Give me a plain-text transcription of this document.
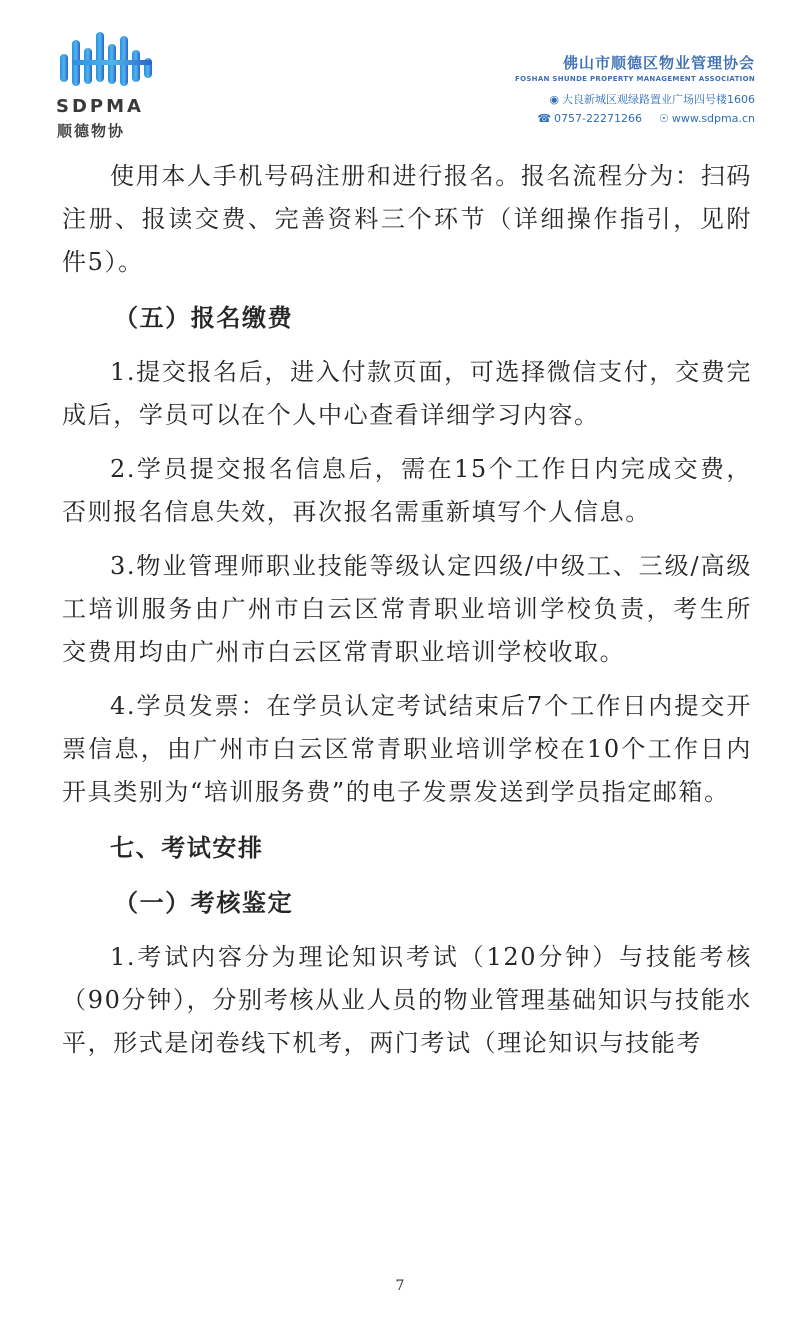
SDPMA
顺德物协
佛山市顺德区物业管理协会
FOSHAN SHUNDE PROPERTY MANAGEMENT ASSOCIATION
◉ 大良新城区观绿路置业广场四号楼1606
☎ 0757-22271266 ☉ www.sdpma.cn

使用本人手机号码注册和进行报名。报名流程分为：扫码注册、报读交费、完善资料三个环节（详细操作指引，见附件5）。

（五）报名缴费

1.提交报名后，进入付款页面，可选择微信支付，交费完成后，学员可以在个人中心查看详细学习内容。

2.学员提交报名信息后，需在15个工作日内完成交费，否则报名信息失效，再次报名需重新填写个人信息。

3.物业管理师职业技能等级认定四级/中级工、三级/高级工培训服务由广州市白云区常青职业培训学校负责，考生所交费用均由广州市白云区常青职业培训学校收取。

4.学员发票：在学员认定考试结束后7个工作日内提交开票信息，由广州市白云区常青职业培训学校在10个工作日内开具类别为“培训服务费”的电子发票发送到学员指定邮箱。

七、考试安排

（一）考核鉴定

1.考试内容分为理论知识考试（120分钟）与技能考核（90分钟），分别考核从业人员的物业管理基础知识与技能水平，形式是闭卷线下机考，两门考试（理论知识与技能考

7
